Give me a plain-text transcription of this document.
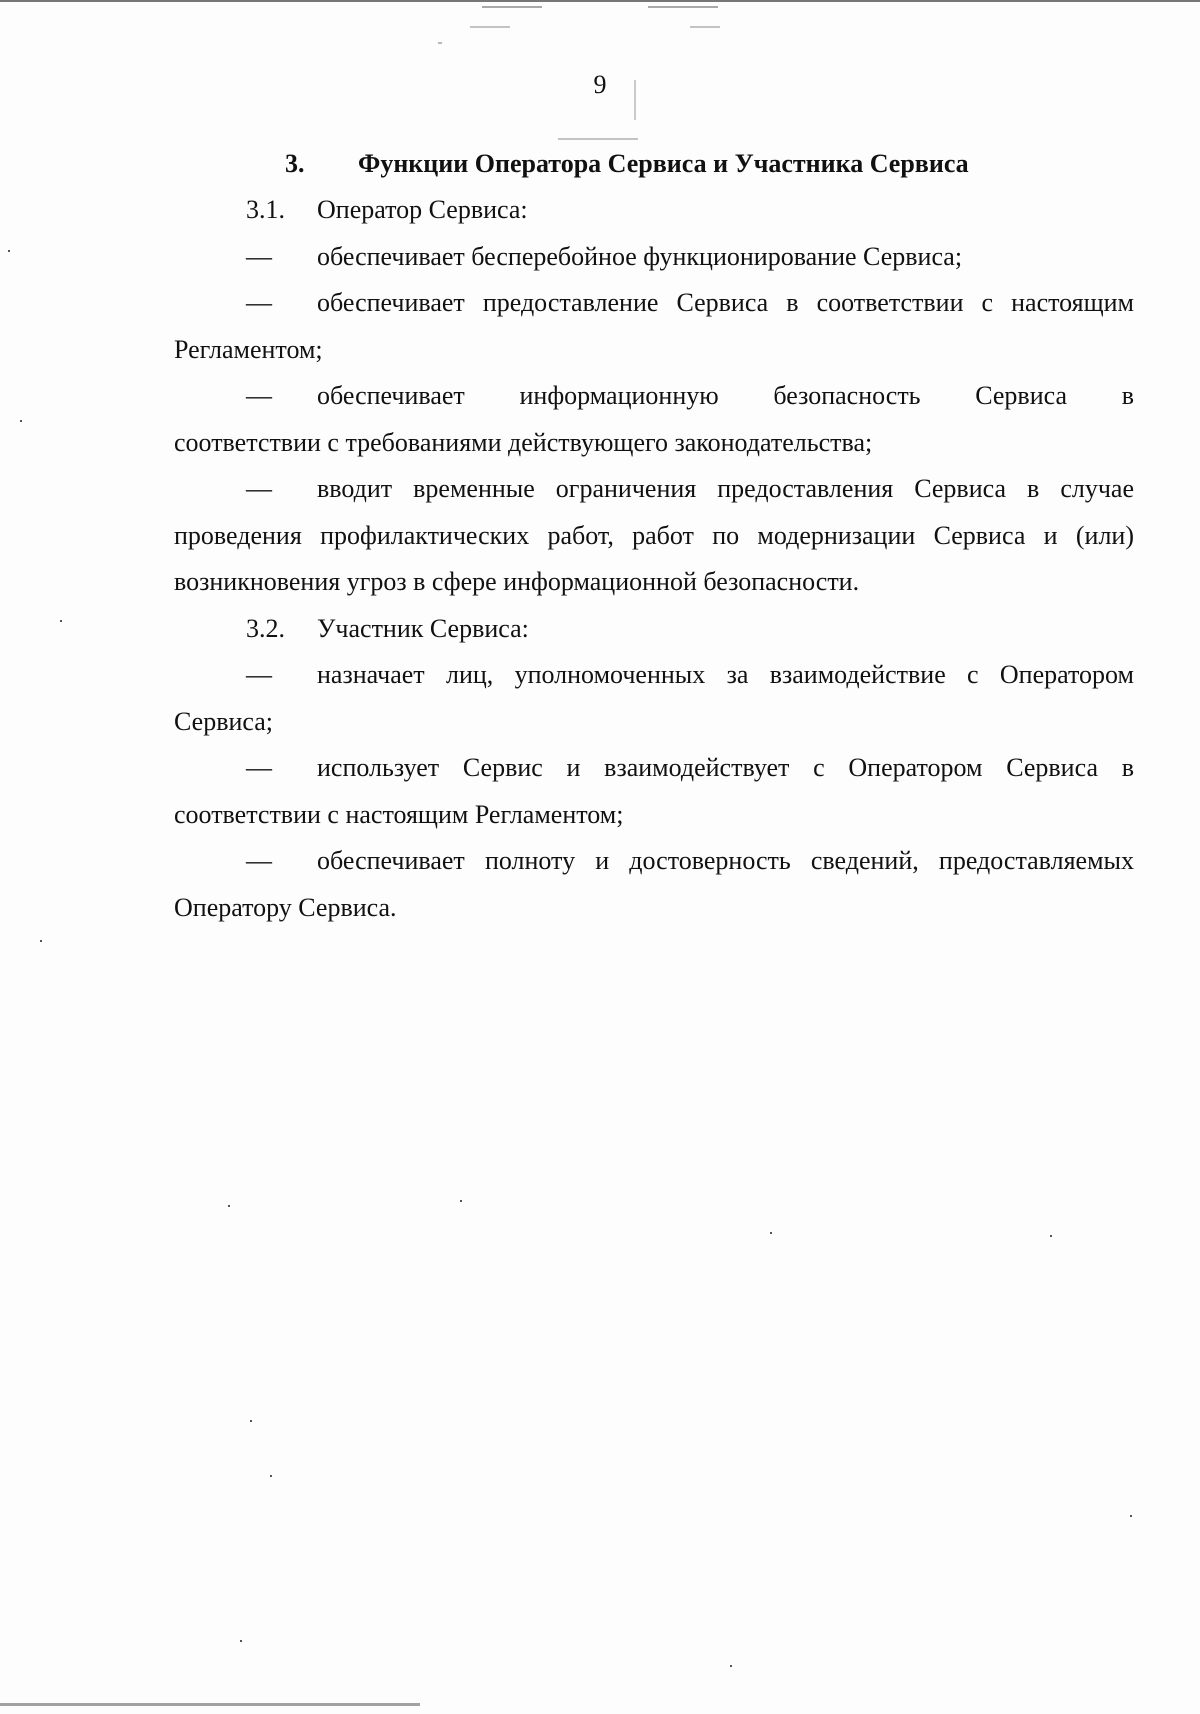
9
3. Функции Оператора Сервиса и Участника Сервиса
3.1. Оператор Сервиса:
— обеспечивает бесперебойное функционирование Сервиса;
— обеспечивает предоставление Сервиса в соответствии с настоящим
Регламентом;
— обеспечивает информационную безопасность Сервиса в
соответствии с требованиями действующего законодательства;
— вводит временные ограничения предоставления Сервиса в случае
проведения профилактических работ, работ по модернизации Сервиса и (или)
возникновения угроз в сфере информационной безопасности.
3.2. Участник Сервиса:
— назначает лиц, уполномоченных за взаимодействие с Оператором
Сервиса;
— использует Сервис и взаимодействует с Оператором Сервиса в
соответствии с настоящим Регламентом;
— обеспечивает полноту и достоверность сведений, предоставляемых
Оператору Сервиса.
